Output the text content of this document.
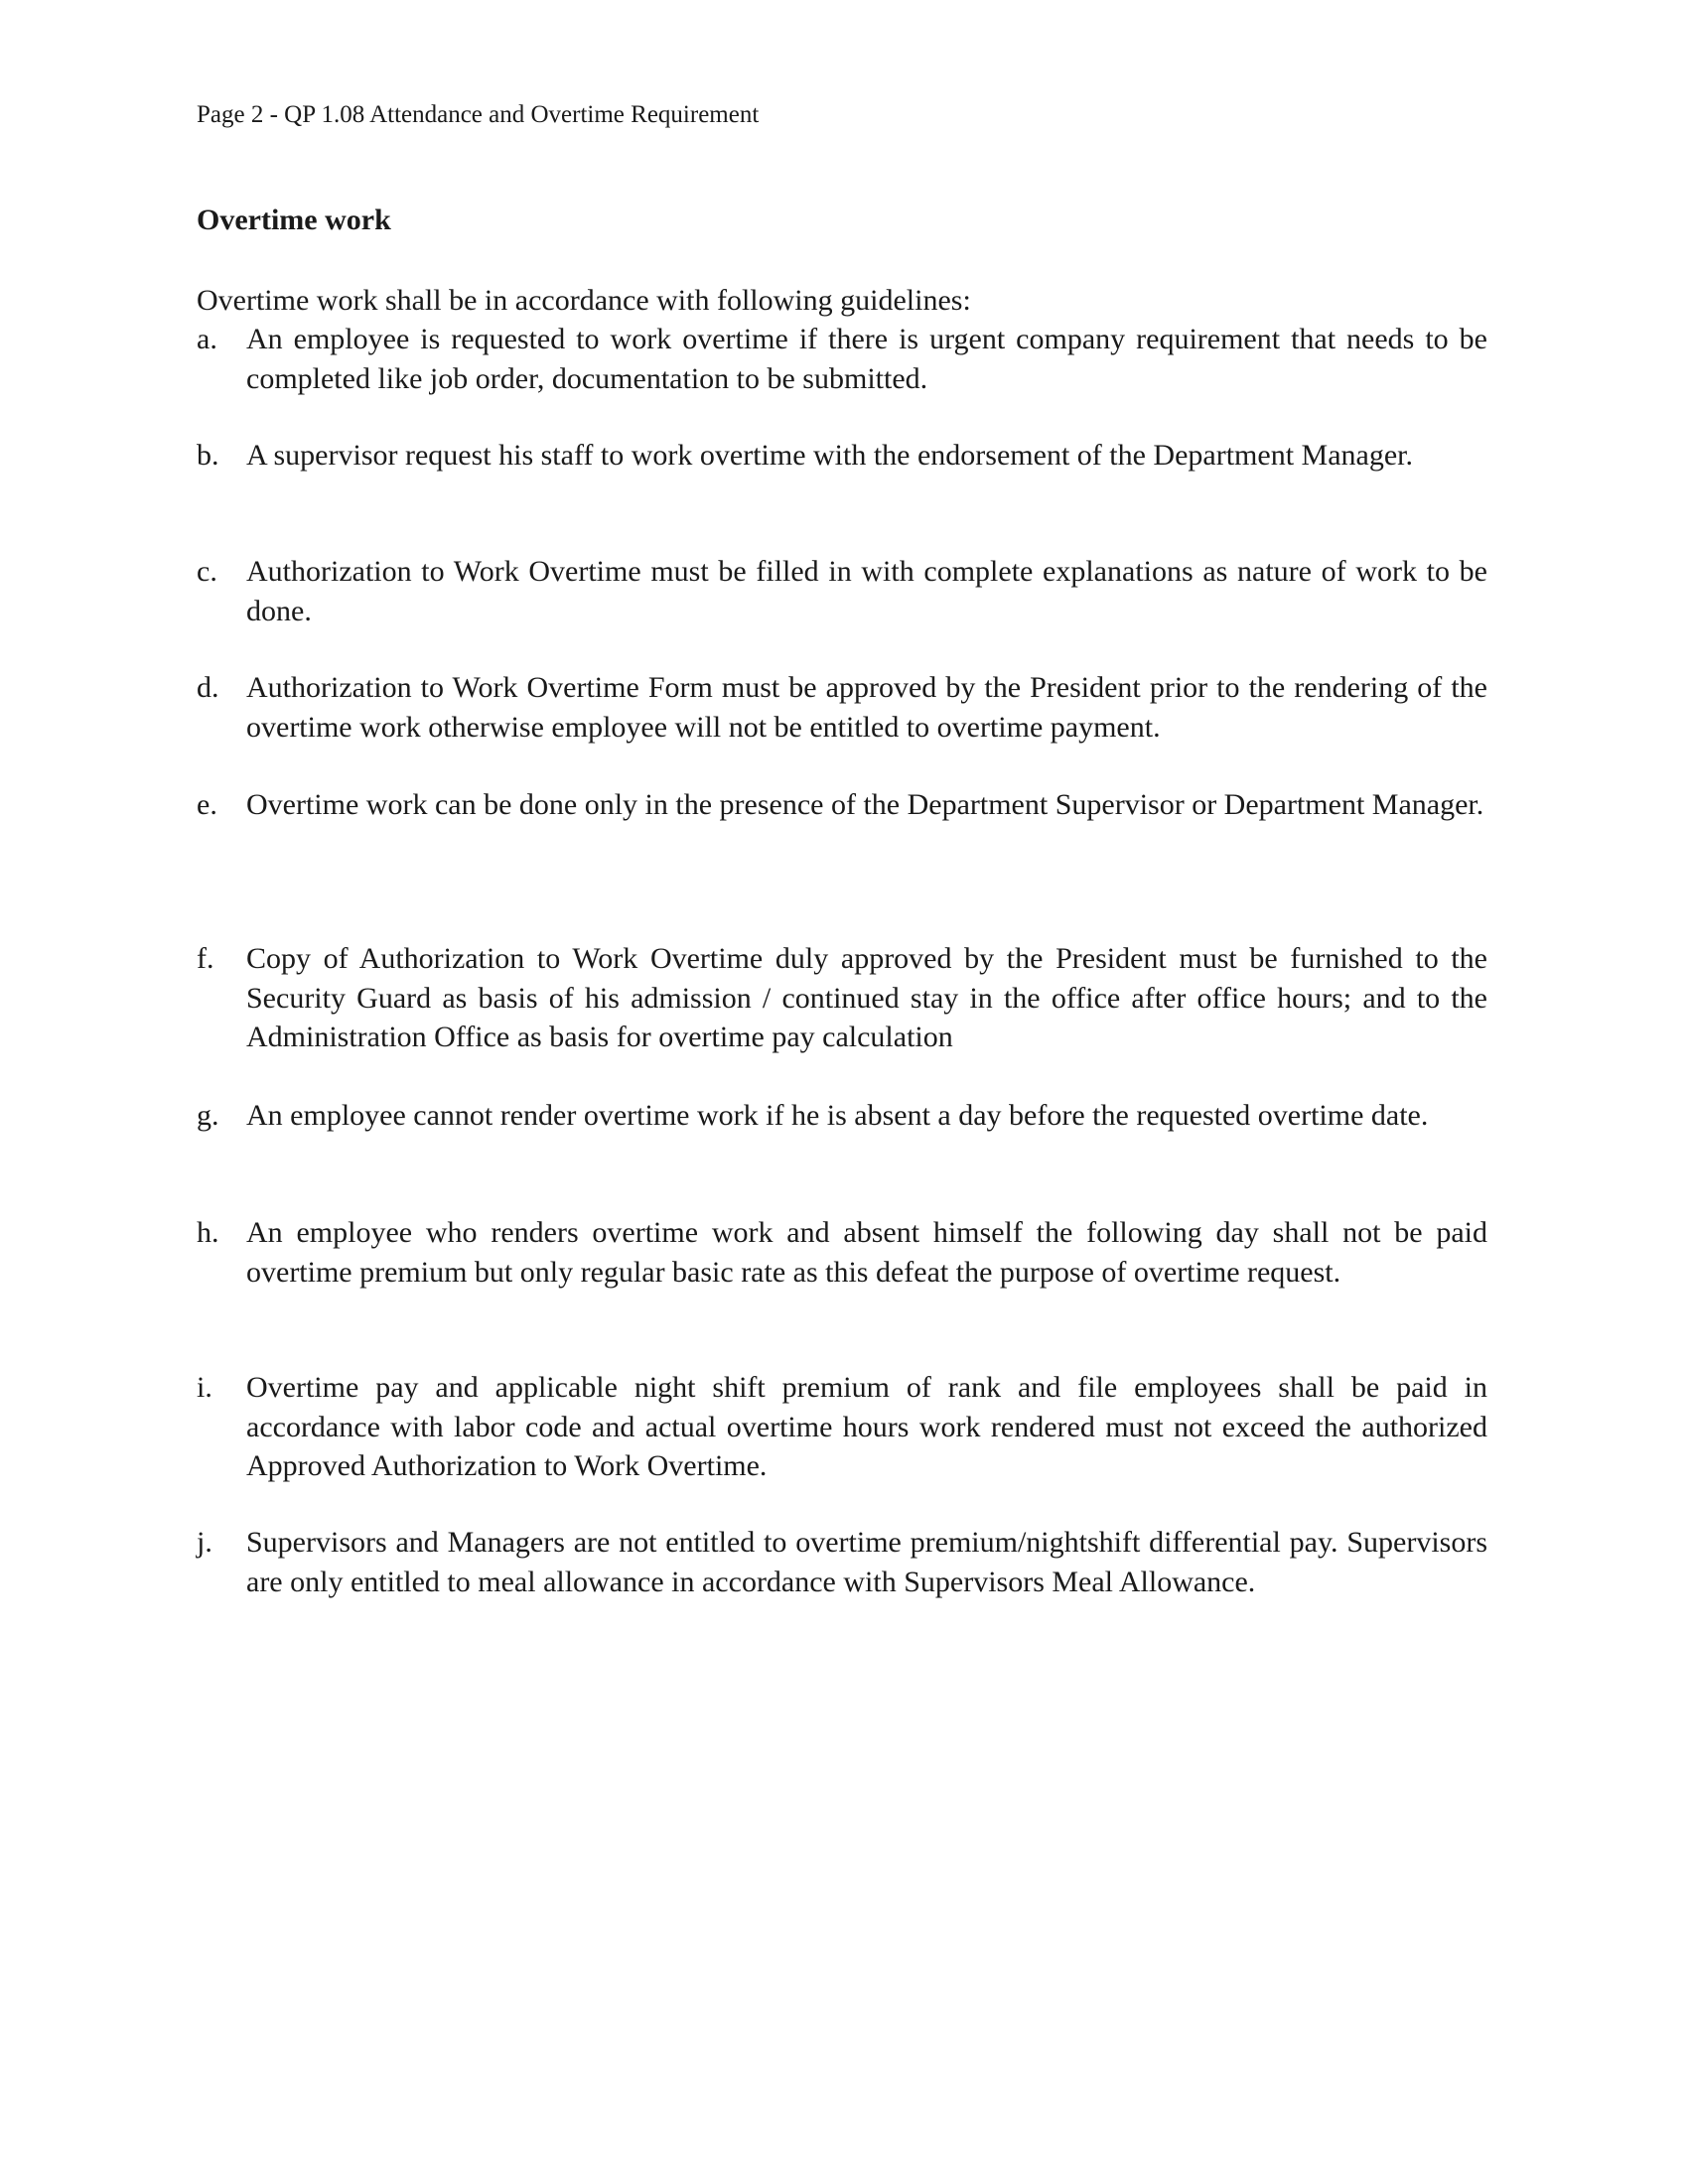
Page 2 - QP 1.08 Attendance and Overtime Requirement
Overtime work
Overtime work shall be in accordance with following guidelines:
a. An employee is requested to work overtime if there is urgent company requirement that needs to be completed like job order, documentation to be submitted.
b. A supervisor request his staff to work overtime with the endorsement of the Department Manager.
c. Authorization to Work Overtime must be filled in with complete explanations as nature of work to be done.
d. Authorization to Work Overtime Form must be approved by the President prior to the rendering of the overtime work otherwise employee will not be entitled to overtime payment.
e. Overtime work can be done only in the presence of the Department Supervisor or Department Manager.
f.	Copy of Authorization to Work Overtime duly approved by the President must be furnished to the Security Guard as basis of his admission / continued stay in the office after office hours; and to the Administration Office as basis for overtime pay calculation
g. An employee cannot render overtime work if he is absent a day before the requested overtime date.
h. An employee who renders overtime work and absent himself the following day shall not be paid overtime premium but only regular basic rate as this defeat the purpose of overtime request.
i.	Overtime pay and applicable night shift premium of rank and file employees shall be paid in accordance with labor code and actual overtime hours work rendered must not exceed the authorized Approved Authorization to Work Overtime.
j.	Supervisors and Managers are not entitled to overtime premium/nightshift differential pay. Supervisors are only entitled to meal allowance in accordance with Supervisors Meal Allowance.
